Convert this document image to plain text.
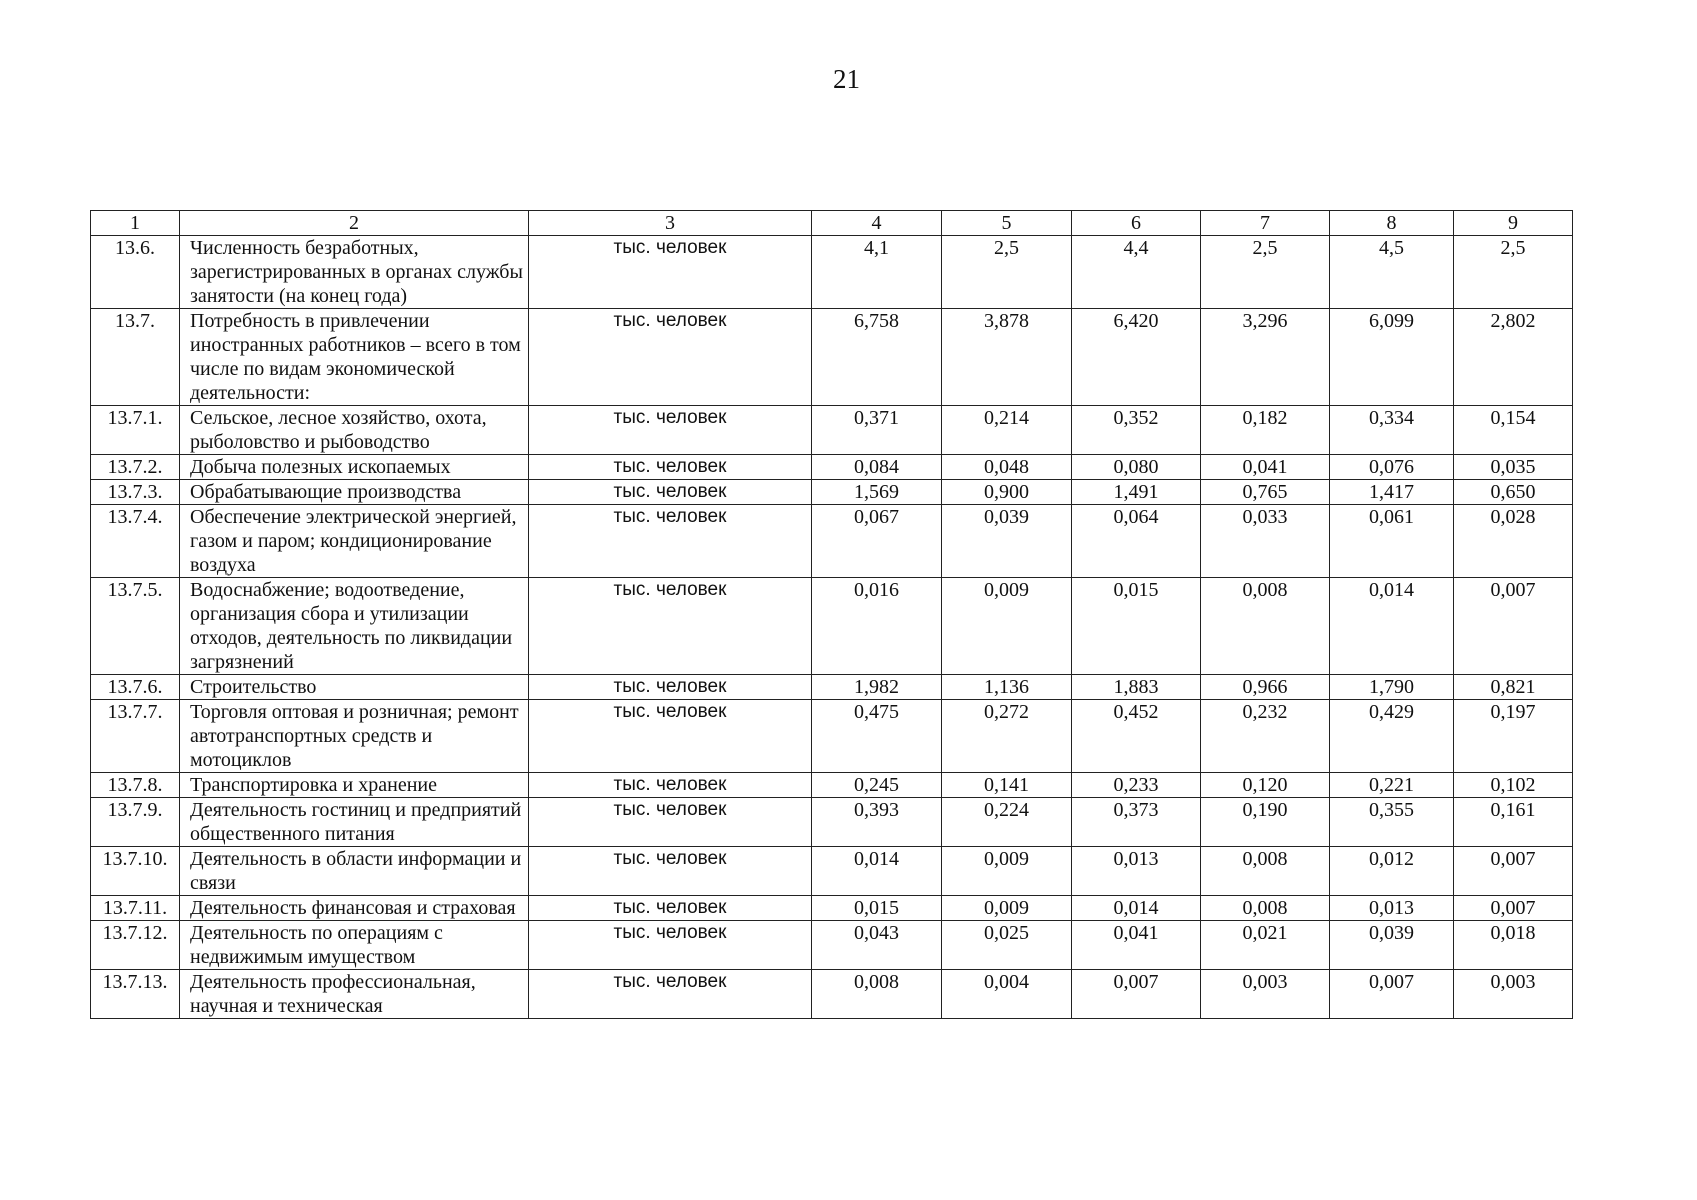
21
1	2	3	4	5	6	7	8	9
13.6.	Численность безработных, зарегистрированных в органах службы занятости (на конец года)	тыс. человек	4,1	2,5	4,4	2,5	4,5	2,5
13.7.	Потребность в привлечении иностранных работников – всего в том числе по видам экономической деятельности:	тыс. человек	6,758	3,878	6,420	3,296	6,099	2,802
13.7.1.	Сельское, лесное хозяйство, охота, рыболовство и рыбоводство	тыс. человек	0,371	0,214	0,352	0,182	0,334	0,154
13.7.2.	Добыча полезных ископаемых	тыс. человек	0,084	0,048	0,080	0,041	0,076	0,035
13.7.3.	Обрабатывающие производства	тыс. человек	1,569	0,900	1,491	0,765	1,417	0,650
13.7.4.	Обеспечение электрической энергией, газом и паром; кондиционирование воздуха	тыс. человек	0,067	0,039	0,064	0,033	0,061	0,028
13.7.5.	Водоснабжение; водоотведение, организация сбора и утилизации отходов, деятельность по ликвидации загрязнений	тыс. человек	0,016	0,009	0,015	0,008	0,014	0,007
13.7.6.	Строительство	тыс. человек	1,982	1,136	1,883	0,966	1,790	0,821
13.7.7.	Торговля оптовая и розничная; ремонт автотранспортных средств и мотоциклов	тыс. человек	0,475	0,272	0,452	0,232	0,429	0,197
13.7.8.	Транспортировка и хранение	тыс. человек	0,245	0,141	0,233	0,120	0,221	0,102
13.7.9.	Деятельность гостиниц и предприятий общественного питания	тыс. человек	0,393	0,224	0,373	0,190	0,355	0,161
13.7.10.	Деятельность в области информации и связи	тыс. человек	0,014	0,009	0,013	0,008	0,012	0,007
13.7.11.	Деятельность финансовая и страховая	тыс. человек	0,015	0,009	0,014	0,008	0,013	0,007
13.7.12.	Деятельность по операциям с недвижимым имуществом	тыс. человек	0,043	0,025	0,041	0,021	0,039	0,018
13.7.13.	Деятельность профессиональная, научная и техническая	тыс. человек	0,008	0,004	0,007	0,003	0,007	0,003
